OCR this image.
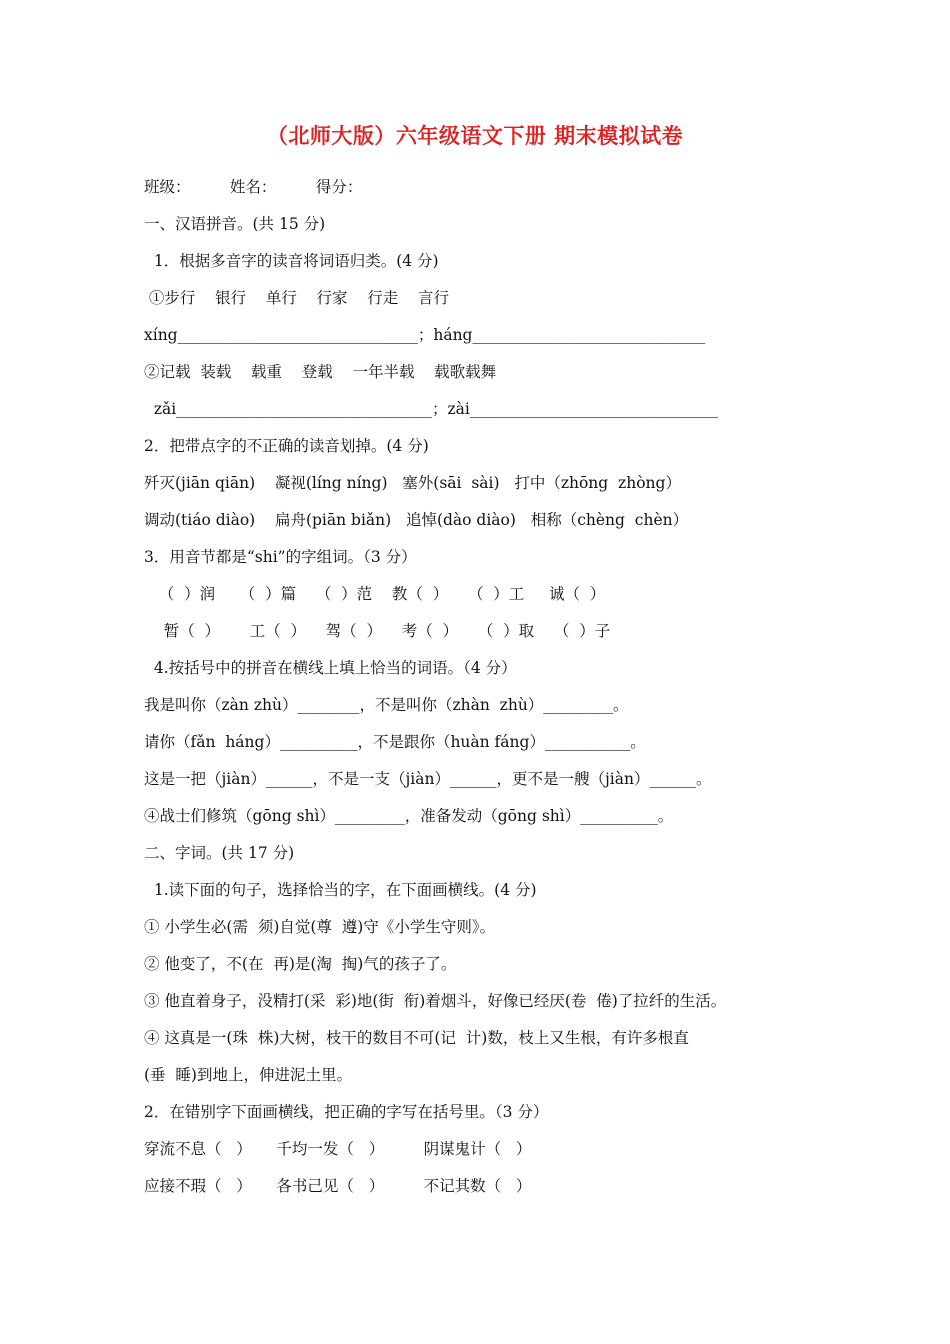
（北师大版）六年级语文下册 期末模拟试卷
班级：        姓名：        得分：
一、汉语拼音。(共 15 分)
1．根据多音字的读音将词语归类。(4 分)
①步行    银行    单行    行家    行走    言行
xíng_______________________________；háng______________________________
②记载  装载    载重    登载    一年半载    载歌载舞
zǎi_________________________________；zài________________________________
2．把带点字的不正确的读音划掉。(4 分)
歼灭(jiān qiān)    凝视(líng níng)   塞外(sāi  sài)   打中（zhōng  zhòng）
调动(tiáo diào)    扁舟(piān biǎn)   追悼(dào diào)   相称（chèng  chèn）
3．用音节都是“shi”的字组词。（3 分）
（  ）润     （  ）篇    （  ）范    教（  ）    （  ）工     诚（  ）
暂（  ）      工（  ）    驾（  ）    考（  ）    （  ）取    （  ）子
4.按括号中的拼音在横线上填上恰当的词语。（4 分）
我是叫你（zàn zhù）________，不是叫你（zhàn  zhù）_________。
请你（fǎn  háng）__________，不是跟你（huàn fáng）___________。
这是一把（jiàn）______，不是一支（jiàn）______，更不是一艘（jiàn）______。
④战士们修筑（gōng shì）_________，准备发动（gōng shì）__________。
二、字词。(共 17 分)
1.读下面的句子，选择恰当的字，在下面画横线。(4 分)
① 小学生必(需  须)自觉(尊  遵)守《小学生守则》。
② 他变了，不(在  再)是(淘  掏)气的孩子了。
③ 他直着身子，没精打(采  彩)地(街  衔)着烟斗，好像已经厌(卷  倦)了拉纤的生活。
④ 这真是一(珠  株)大树，枝干的数目不可(记  计)数，枝上又生根，有许多根直
(垂  睡)到地上，伸进泥土里。
2．在错别字下面画横线，把正确的字写在括号里。（3 分）
穿流不息（   ）     千均一发（   ）        阴谋鬼计（   ）
应接不瑕（   ）     各书己见（   ）        不记其数（   ）
